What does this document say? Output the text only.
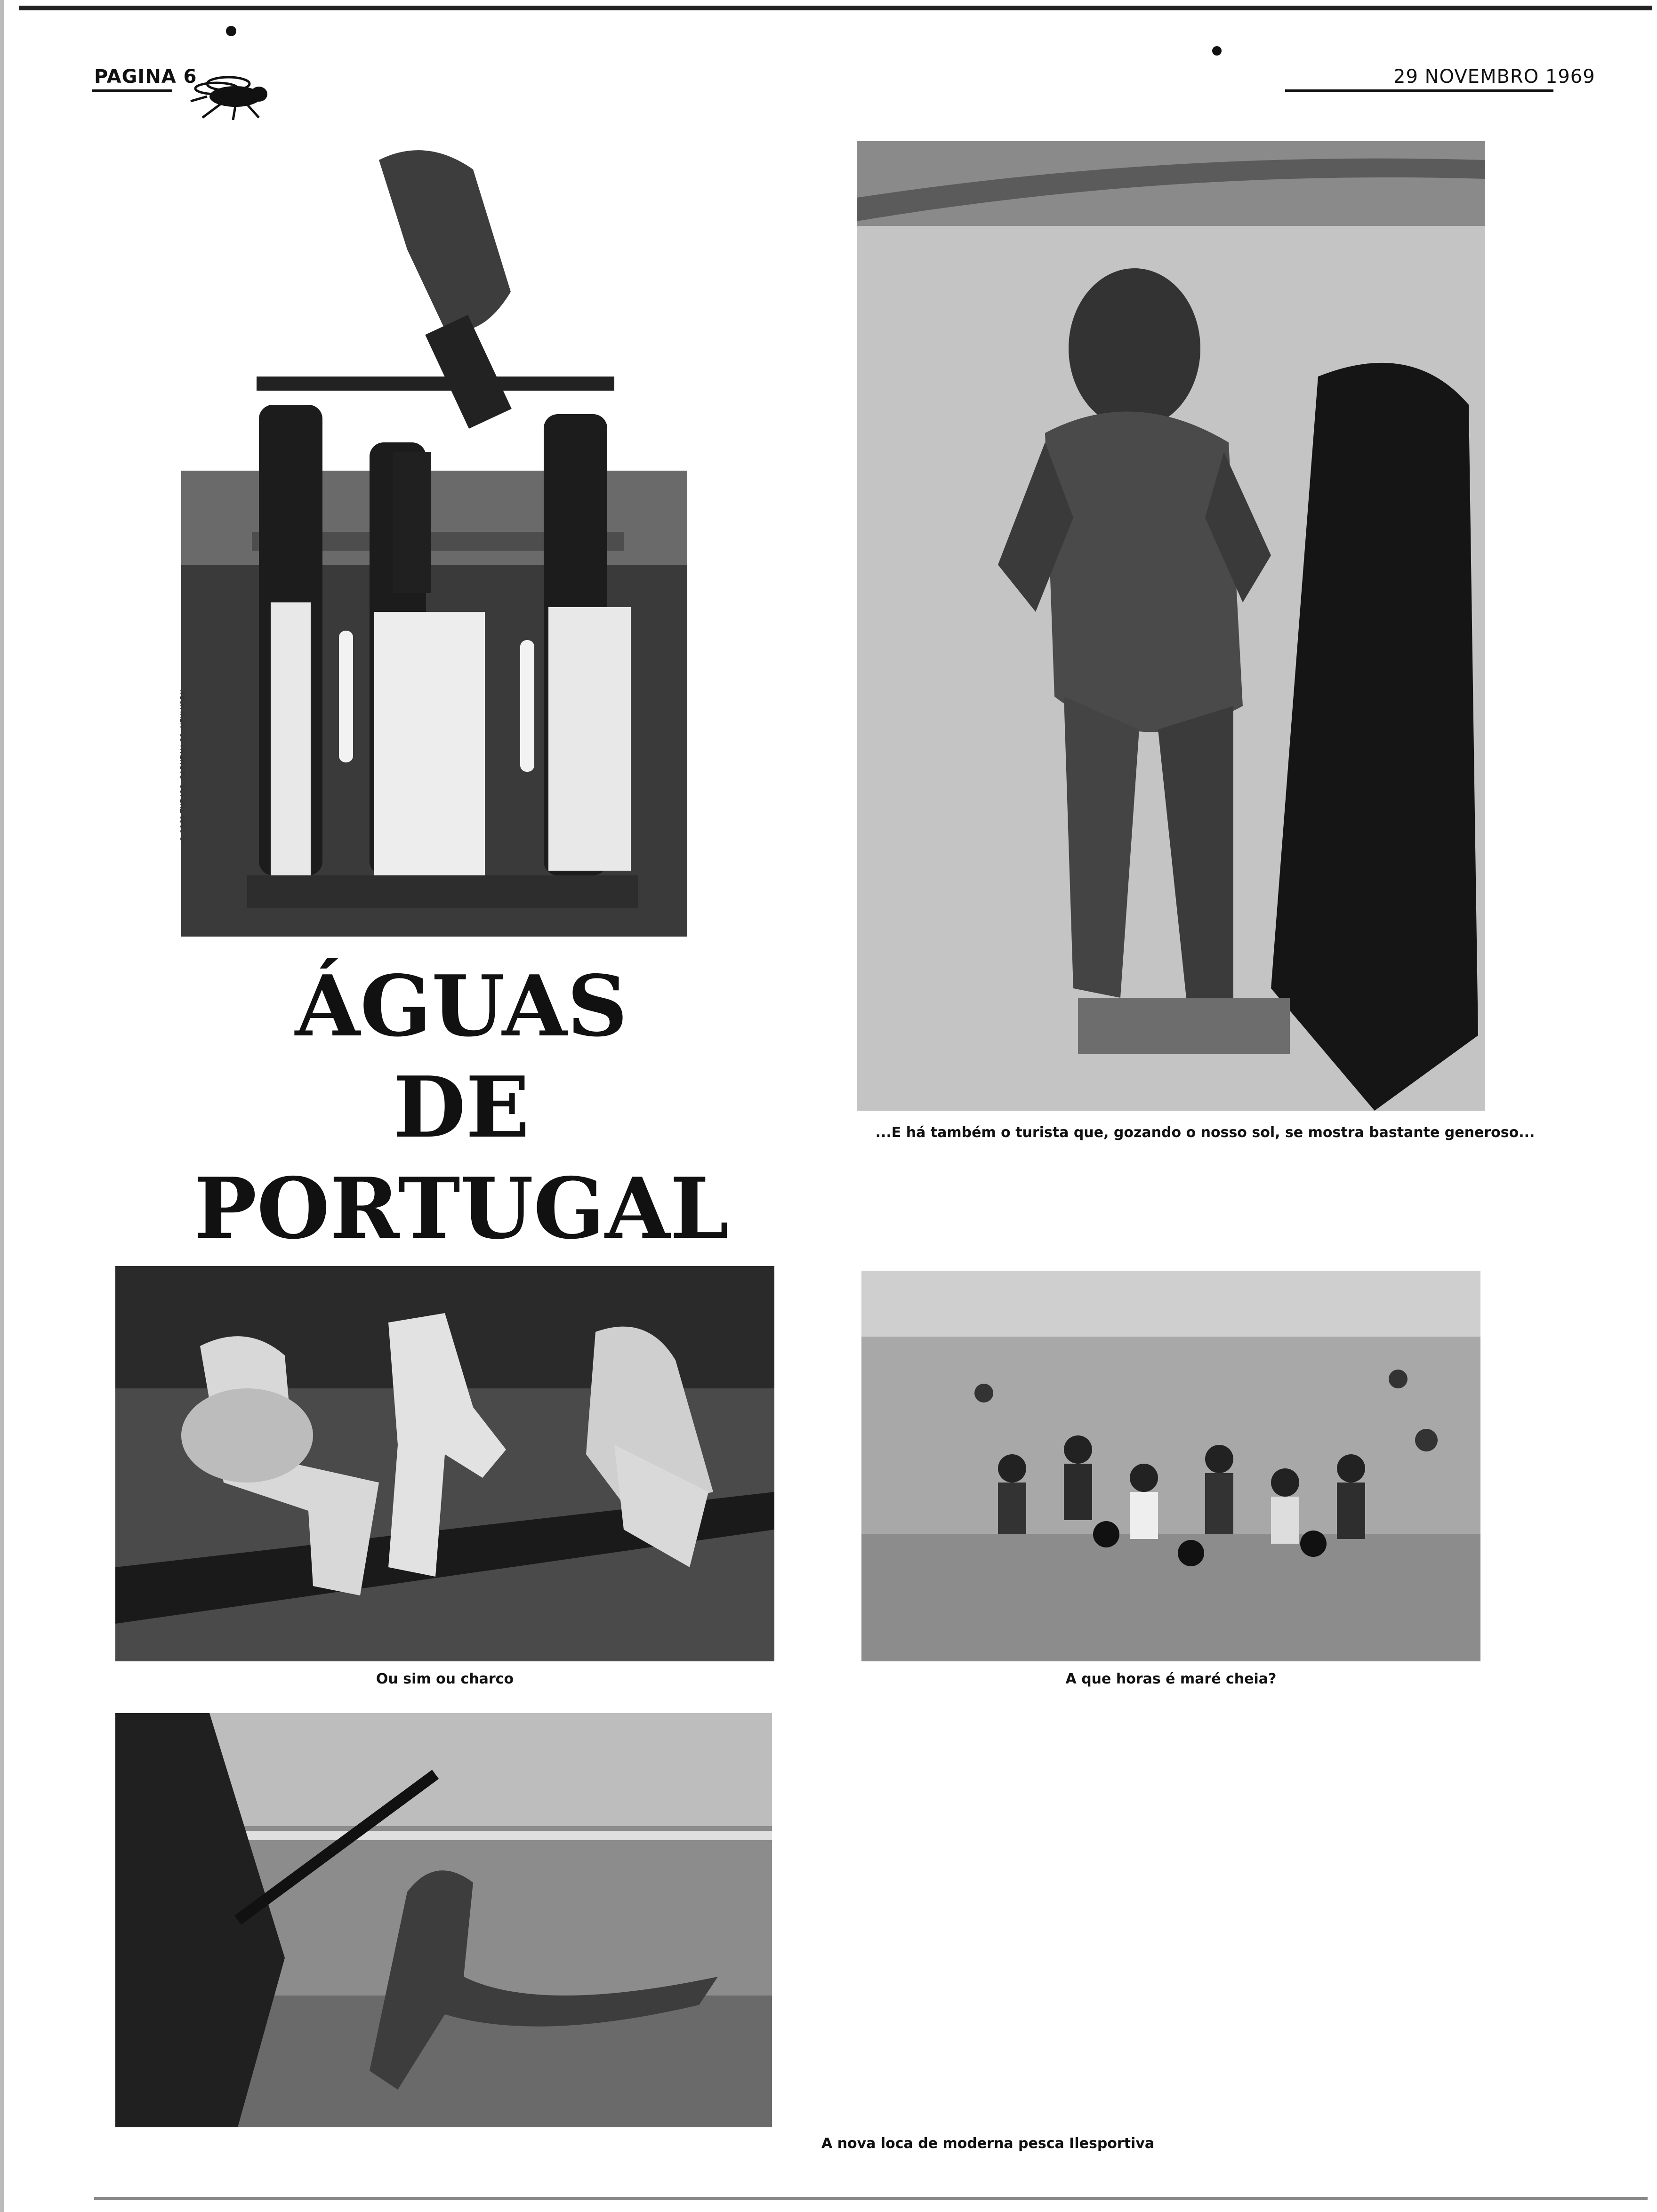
PAGINA 6	29 NOVEMBRO 1969
© 1969 THE JOS. GARNEAU CO. NEW YORK
...E há também o turista que, gozando o nosso sol, se mostra bastante generoso...
ÁGUAS
DE
PORTUGAL
Ou sim ou charco	A que horas é maré cheia?
A nova loca de moderna pesca Ilesportiva
